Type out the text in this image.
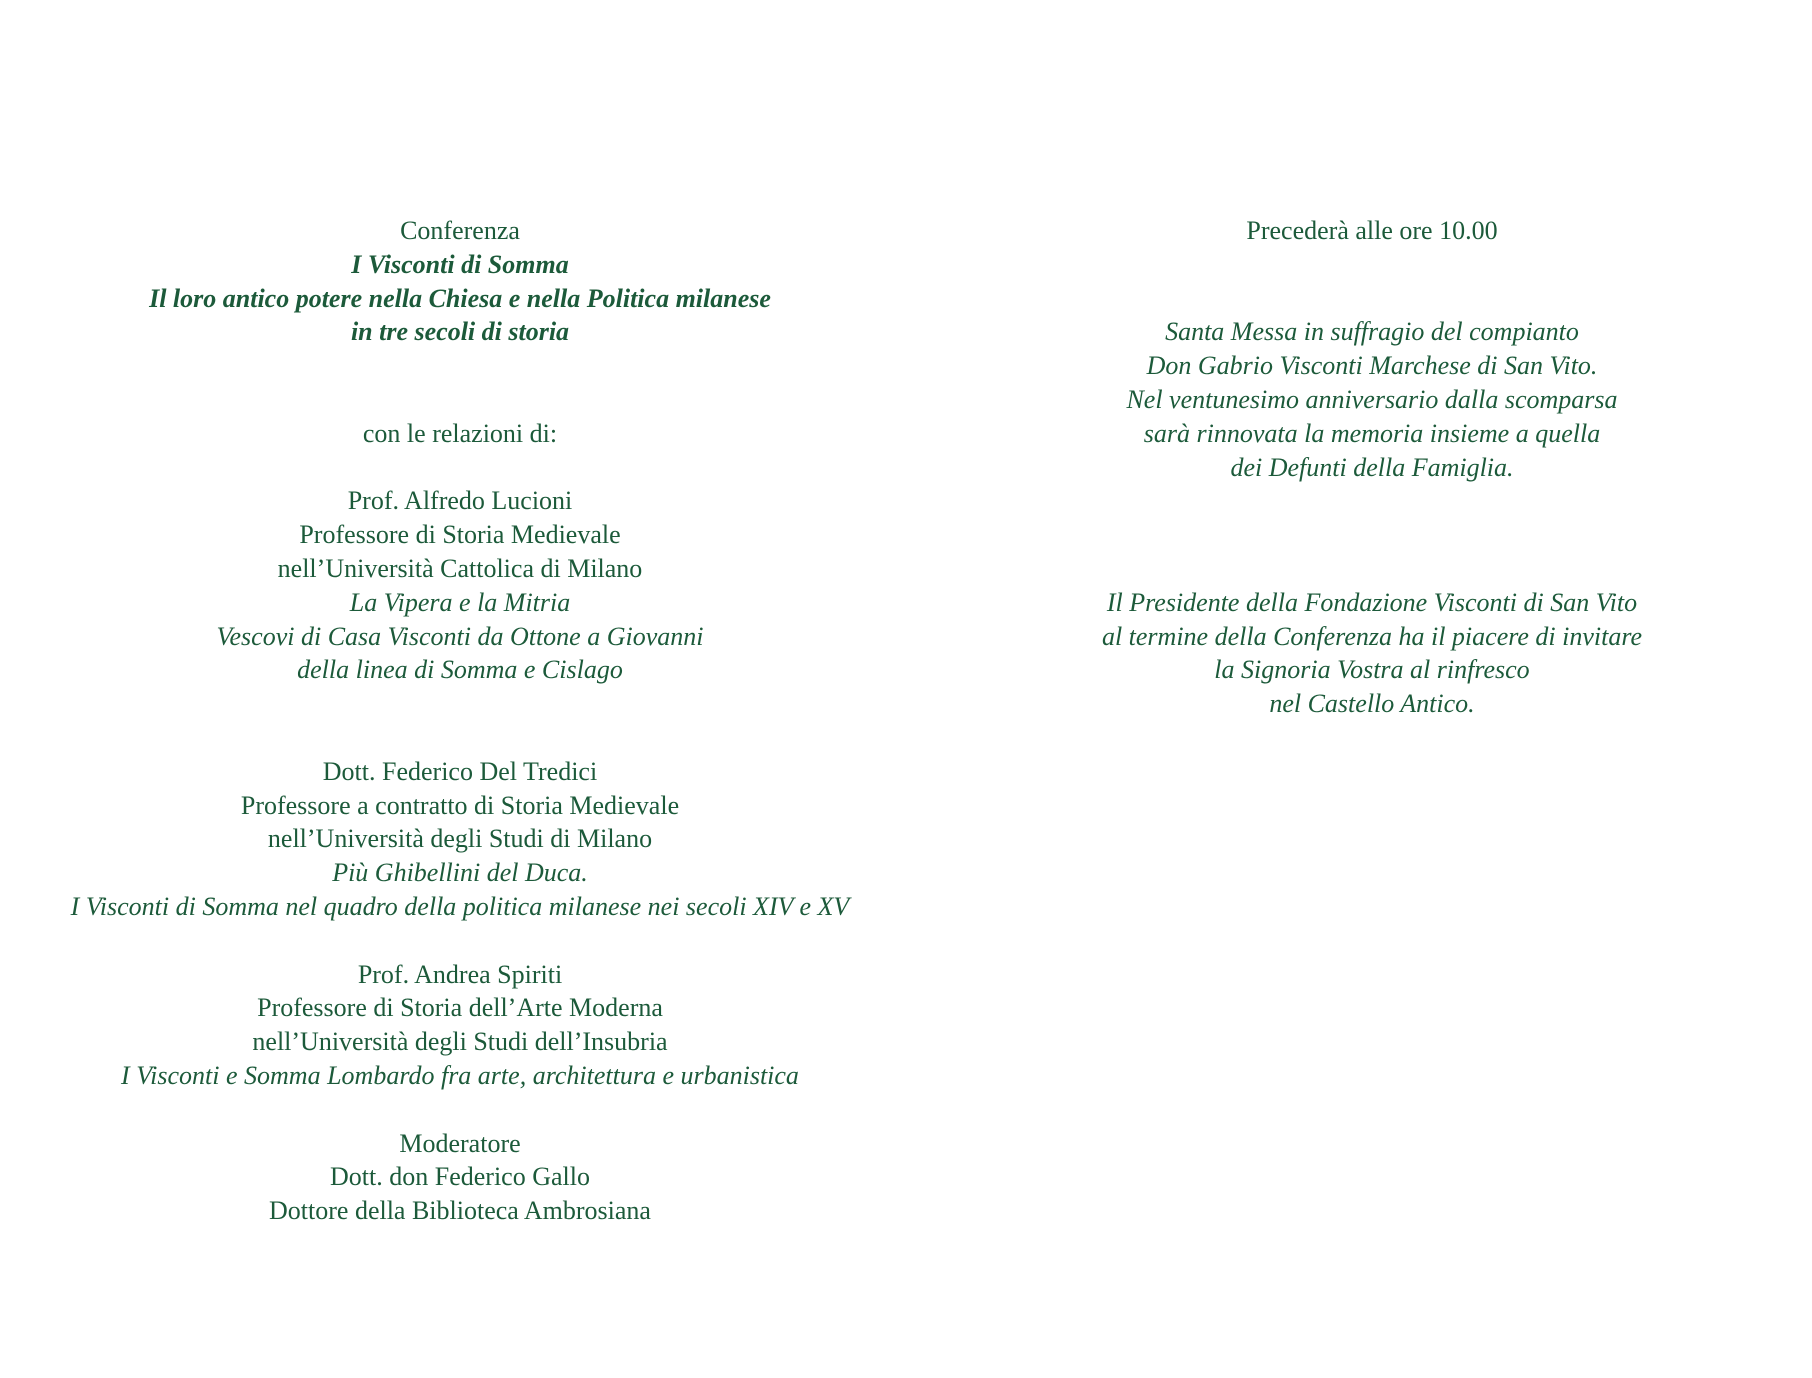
Conferenza
I Visconti di Somma
Il loro antico potere nella Chiesa e nella Politica milanese
in tre secoli di storia
con le relazioni di:
Prof. Alfredo Lucioni
Professore di Storia Medievale
nell’Università Cattolica di Milano
La Vipera e la Mitria
Vescovi di Casa Visconti da Ottone a Giovanni
della linea di Somma e Cislago
Dott. Federico Del Tredici
Professore a contratto di Storia Medievale
nell’Università degli Studi di Milano
Più Ghibellini del Duca.
I Visconti di Somma nel quadro della politica milanese nei secoli XIV e XV
Prof. Andrea Spiriti
Professore di Storia dell’Arte Moderna
nell’Università degli Studi dell’Insubria
I Visconti e Somma Lombardo fra arte, architettura e urbanistica
Moderatore
Dott. don Federico Gallo
Dottore della Biblioteca Ambrosiana
Precederà alle ore 10.00
Santa Messa in suffragio del compianto
Don Gabrio Visconti Marchese di San Vito.
Nel ventunesimo anniversario dalla scomparsa
sarà rinnovata la memoria insieme a quella
dei Defunti della Famiglia.
Il Presidente della Fondazione Visconti di San Vito
al termine della Conferenza ha il piacere di invitare
la Signoria Vostra al rinfresco
nel Castello Antico.
